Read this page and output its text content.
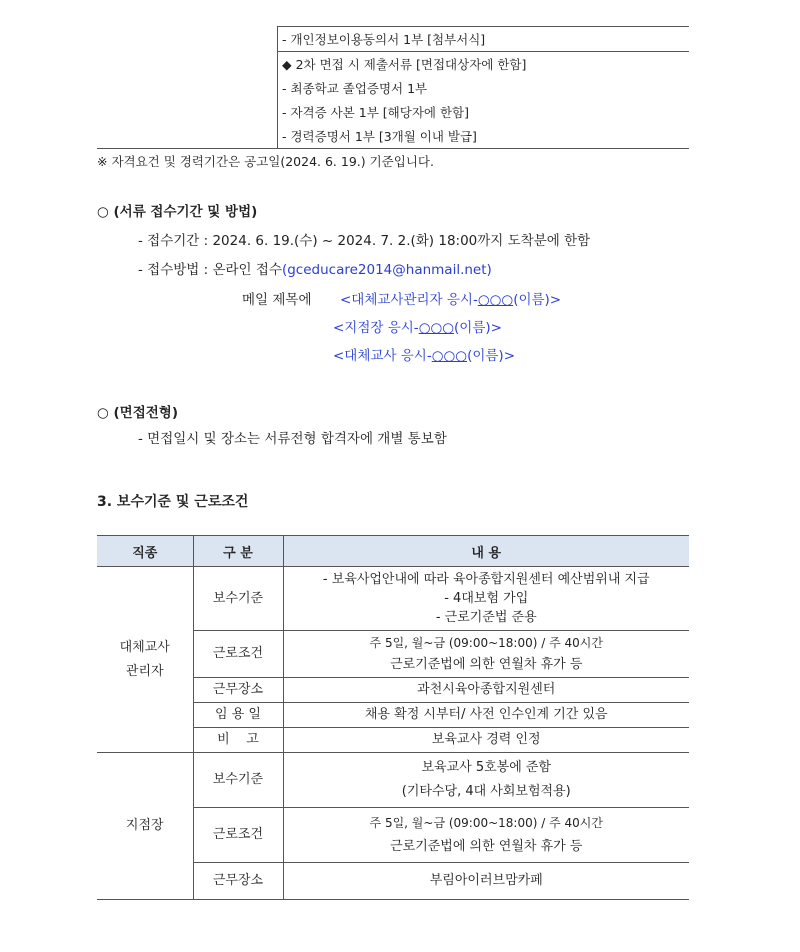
	- 개인정보이용동의서 1부 [첨부서식]
◆ 2차 면접 시 제출서류 [면접대상자에 한함]
- 최종학교 졸업증명서 1부
- 자격증 사본 1부 [해당자에 한함]
- 경력증명서 1부 [3개월 이내 발급]
※ 자격요건 및 경력기간은 공고일(2024. 6. 19.) 기준입니다.
○ (서류 접수기간 및 방법)
- 접수기간 : 2024. 6. 19.(수) ~ 2024. 7. 2.(화) 18:00까지 도착분에 한함
- 접수방법 : 온라인 접수(gceducare2014@hanmail.net)
메일 제목에 <대체교사관리자 응시-○○○(이름)>
<지점장 응시-○○○(이름)>
<대체교사 응시-○○○(이름)>
○ (면접전형)
- 면접일시 및 장소는 서류전형 합격자에 개별 통보함
3. 보수기준 및 근로조건
직종	구 분	내 용
대체교사
관리자	보수기준	- 보육사업안내에 따라 육아종합지원센터 예산범위내 지급
- 4대보험 가입
- 근로기준법 준용

	근로조건	주 5일, 월~금 (09:00~18:00) / 주 40시간
근로기준법에 의한 연월차 휴가 등

	근무장소	과천시육아종합지원센터
	임 용 일	채용 확정 시부터/ 사전 인수인계 기간 있음
	비    고	보육교사 경력 인정
지점장	보수기준	보육교사 5호봉에 준함
(기타수당, 4대 사회보험적용)

	근로조건	주 5일, 월~금 (09:00~18:00) / 주 40시간
근로기준법에 의한 연월차 휴가 등

	근무장소	부림아이러브맘카페
